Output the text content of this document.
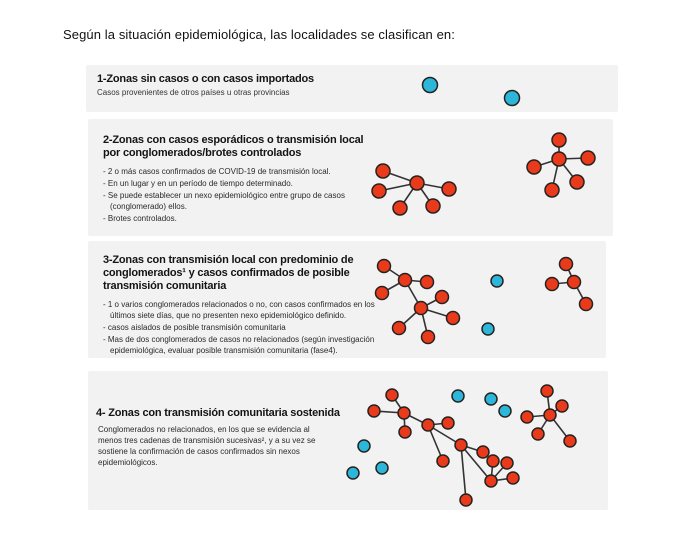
Según la situación epidemiológica, las localidades se clasifican en:
1-Zonas sin casos o con casos importados

Casos provenientes de otros países u otras provincias

2-Zonas con casos esporádicos o transmisión local por conglomerados/brotes controlados
- 2 o más casos confirmados de COVID-19 de transmisión local.
- En un lugar y en un período de tiempo determinado.
- Se puede establecer un nexo epidemiológico entre grupo de casos (conglomerado) ellos.
- Brotes controlados.
3-Zonas con transmisión local con predominio de conglomerados¹ y casos confirmados de posible transmisión comunitaria
- 1 o varios conglomerados relacionados o no, con casos confirmados en los últimos siete días, que no presenten nexo epidemiológico definido.
- casos aislados de posible transmisión comunitaria
- Mas de dos conglomerados de casos no relacionados (según investigación epidemiológica, evaluar posible transmisión comunitaria (fase4).
4- Zonas con transmisión comunitaria sostenida

Conglomerados no relacionados, en los que se evidencia al menos tres cadenas de transmisión sucesivas², y a su vez se sostiene la confirmación de casos confirmados sin nexos epidemiológicos.
